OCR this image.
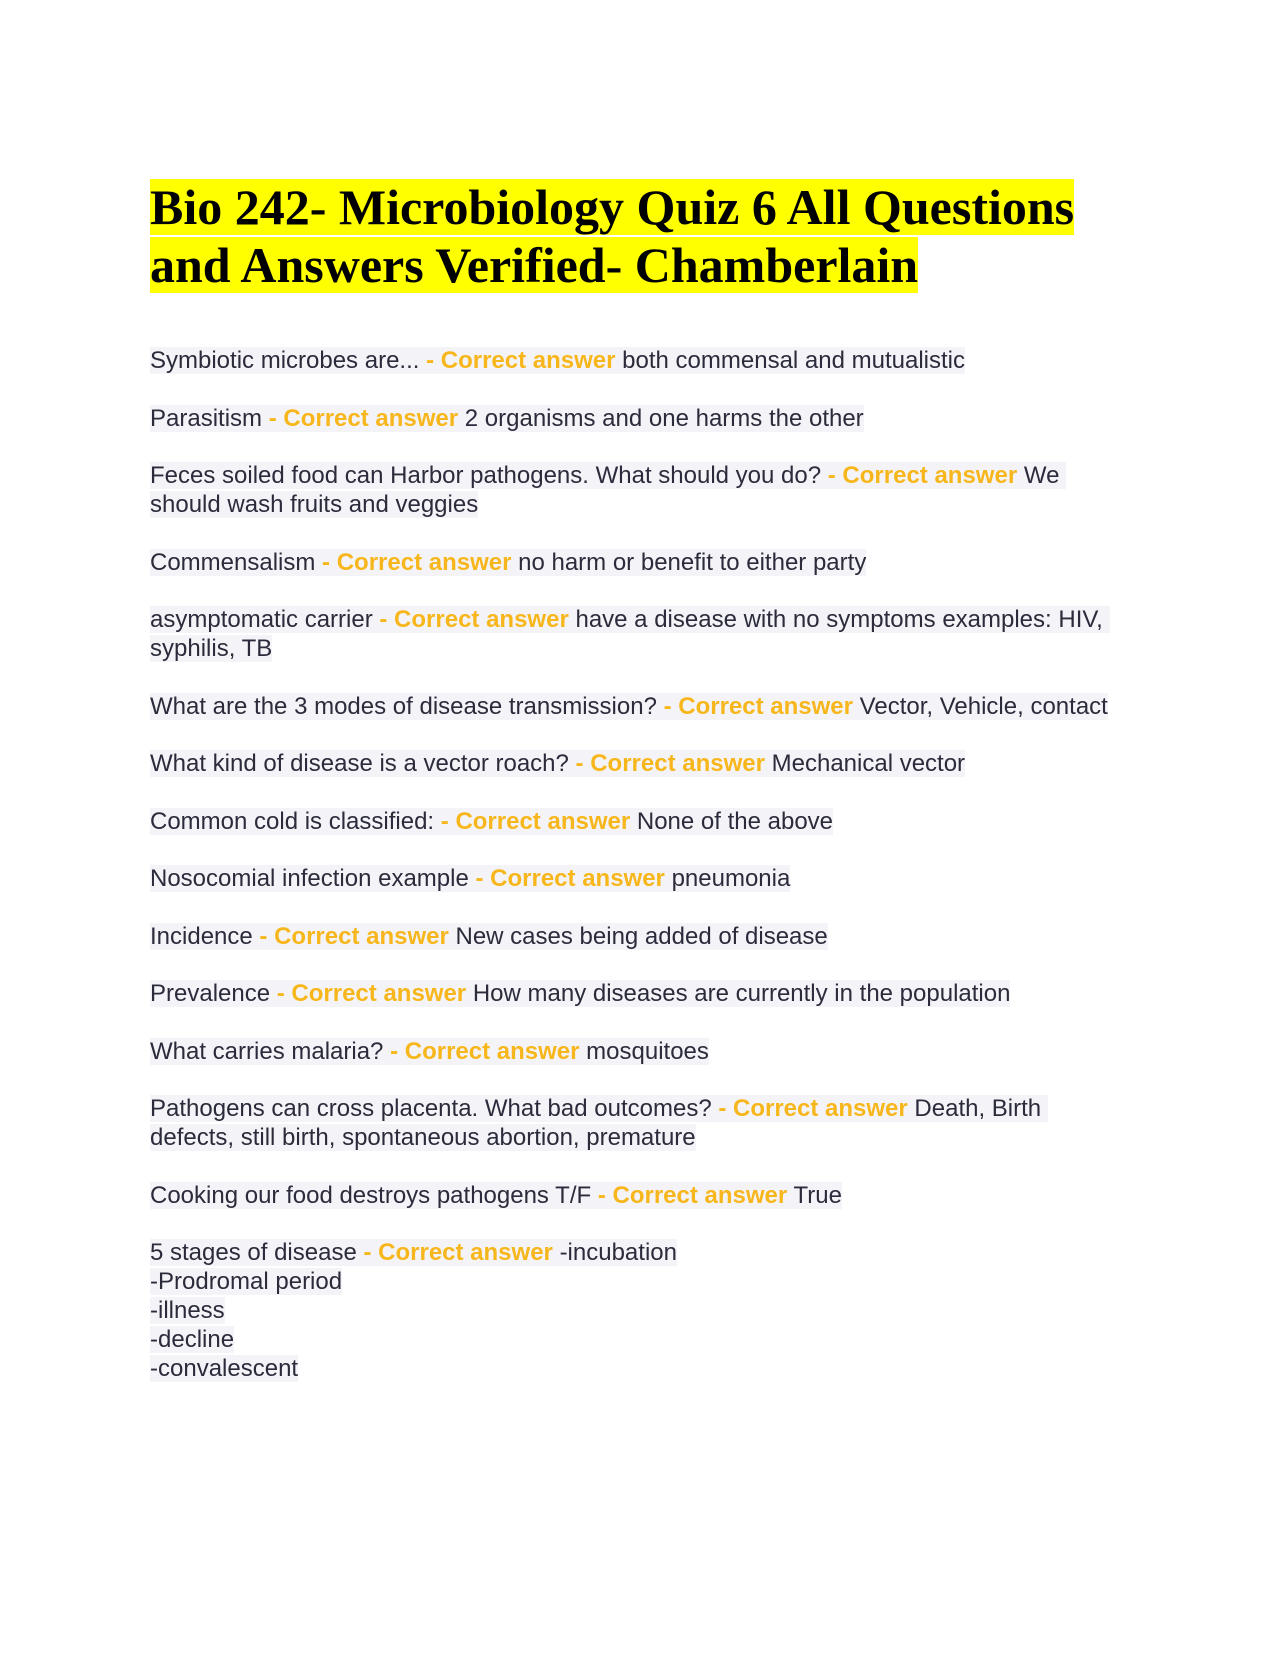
Bio 242- Microbiology Quiz 6 All Questions
and Answers Verified- Chamberlain
Symbiotic microbes are... - Correct answer both commensal and mutualistic
Parasitism - Correct answer 2 organisms and one harms the other
Feces soiled food can Harbor pathogens. What should you do? - Correct answer We should wash fruits and veggies
Commensalism - Correct answer no harm or benefit to either party
asymptomatic carrier - Correct answer have a disease with no symptoms examples: HIV, syphilis, TB
What are the 3 modes of disease transmission? - Correct answer Vector, Vehicle, contact
What kind of disease is a vector roach? - Correct answer Mechanical vector
Common cold is classified: - Correct answer None of the above
Nosocomial infection example - Correct answer pneumonia
Incidence - Correct answer New cases being added of disease
Prevalence - Correct answer How many diseases are currently in the population
What carries malaria? - Correct answer mosquitoes
Pathogens can cross placenta. What bad outcomes? - Correct answer Death, Birth defects, still birth, spontaneous abortion, premature
Cooking our food destroys pathogens T/F - Correct answer True
5 stages of disease - Correct answer -incubation
-Prodromal period
-illness
-decline
-convalescent
